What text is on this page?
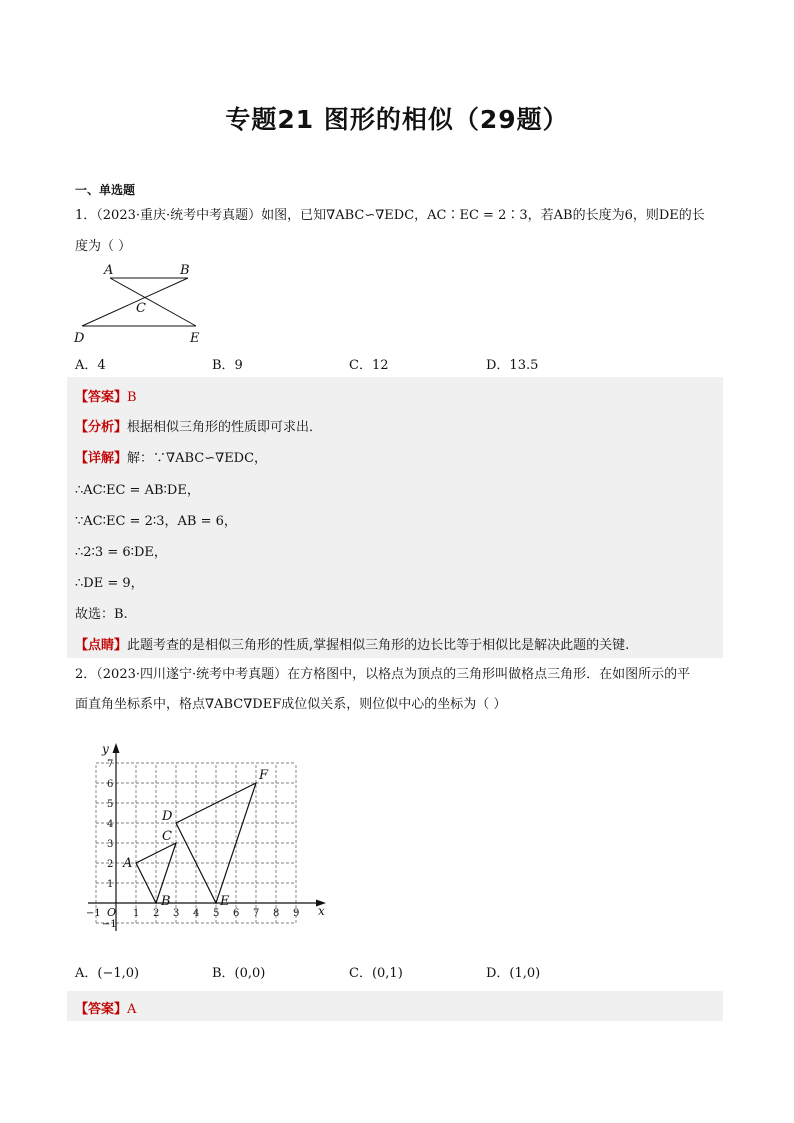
专题21 图形的相似（29题）
一、单选题
1．（2023·重庆·统考中考真题）如图，已知∇ABC∽∇EDC，AC∶EC = 2∶3，若AB的长度为6，则DE的长
度为（ ）
A	B
C
D	E
A．4	B．9	C．12	D．13.5
【答案】B
【分析】根据相似三角形的性质即可求出．
【详解】解：∵∇ABC∽∇EDC，
∴AC∶EC = AB∶DE，
∵AC∶EC = 2∶3，AB = 6，
∴2∶3 = 6∶DE，
∴DE = 9，
故选：B.
【点睛】此题考查的是相似三角形的性质,掌握相似三角形的边长比等于相似比是解决此题的关键.
2．（2023·四川遂宁·统考中考真题）在方格图中，以格点为顶点的三角形叫做格点三角形．在如图所示的平
面直角坐标系中，格点∇ABC∇DEF成位似关系，则位似中心的坐标为（ ）
x
y
O
−1	1 2 3 4 5 6 7 8 9
−1
1
2
3
4
5
6
7
A
B
C
D
E
F
A．(−1,0)	B．(0,0)	C．(0,1)	D．(1,0)
【答案】A
